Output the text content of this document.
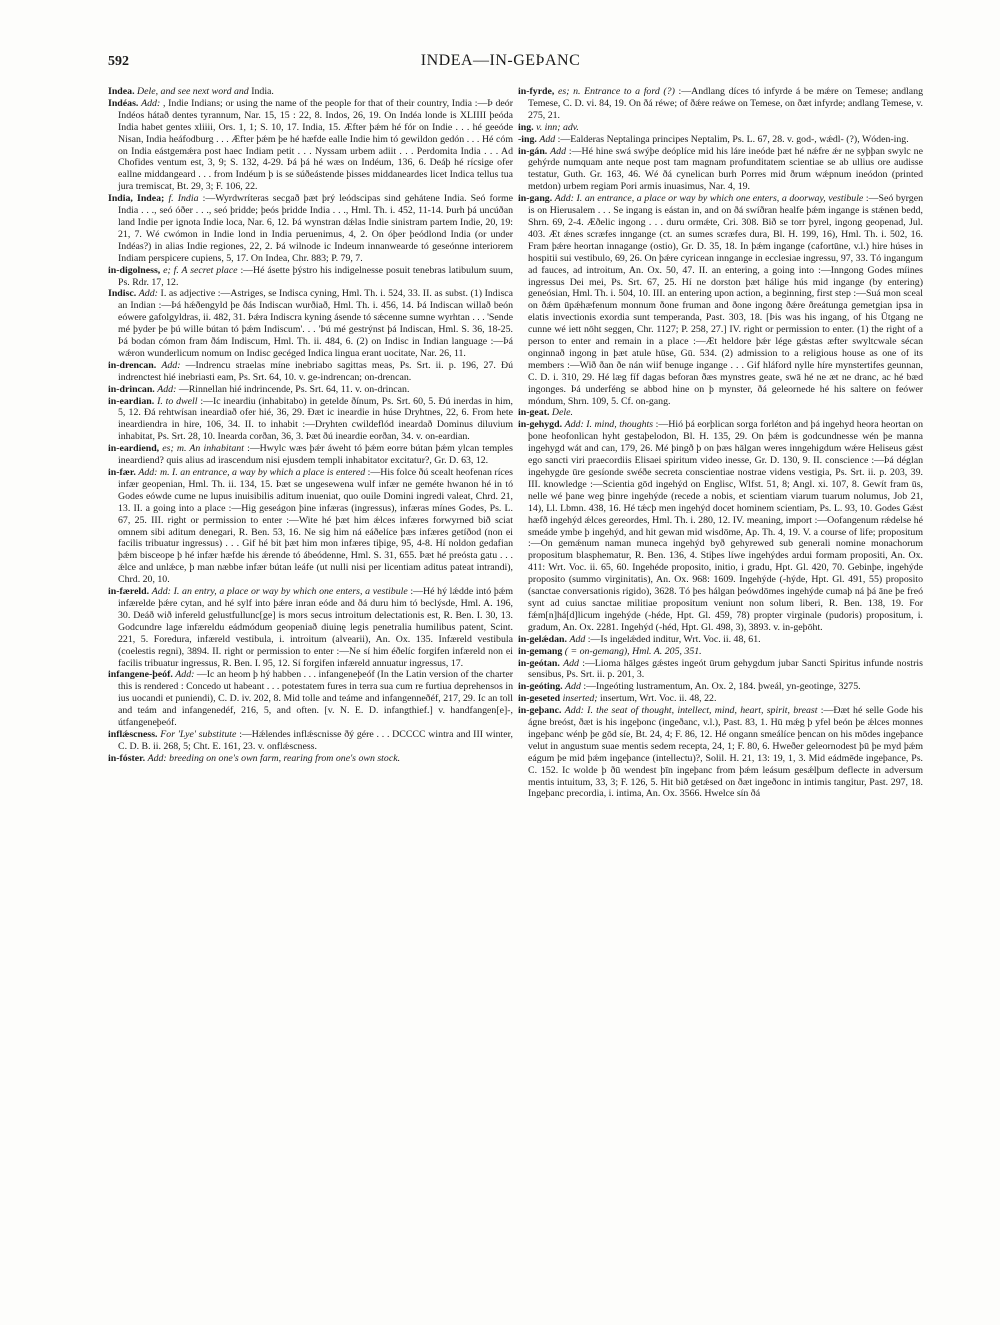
592	INDEA—IN-GEÞANC

Indea. Dele, and see next word and India.

Indéas. Add: , Indie Indians; or using the name of the people for that of their country, India :—Þ deór Indéos hátað dentes tyrannum, Nar. 15, 15 : 22, 8. Indos, 26, 19. On Indéa londe is XLIIII þeóda India habet gentes xliiii, Ors. 1, 1; S. 10, 17. India, 15. Æfter þǽm hé fór on Indie . . . hé geeóde Nisan, India heáfodburg . . . Æfter þǽm þe hé hæfde ealle Indie him tó gewildon gedón . . . Hé cóm on India eástgemǽra post haec Indiam petit . . . Nyssam urbem adiit . . . Perdomita India . . . Ad Chofides ventum est, 3, 9; S. 132, 4-29. Þá þá hé wæs on Indéum, 136, 6. Deáþ hé rícsige ofer eallne middangeard . . . from Indéum þ is se súðeástende þisses middaneardes licet Indica tellus tua jura tremiscat, Bt. 29, 3; F. 106, 22.

India, Indea; f. India :—Wyrdwríteras secgað þæt þrý leódscipas sind gehátene India. Seó forme India . . ., seó óðer . . ., seó þridde; þeós þridde India . . ., Hml. Th. i. 452, 11-14. Þurh þá uncúðan land Indie per ignota Indie loca, Nar. 6, 12. Þá wynstran dǽlas Indie sinistram partem Indie, 20, 19: 21, 7. Wé cwómon in Indie lond in India peruenimus, 4, 2. On óþer þeódlond India (or under Indéas?) in alias Indie regiones, 22, 2. Þá wilnode ic Indeum innanwearde tó geseónne interiorem Indiam perspicere cupiens, 5, 17. On Indea, Chr. 883; P. 79, 7.

in-digolness, e; f. A secret place :—Hé ásette þýstro his indigelnesse posuit tenebras latibulum suum, Ps. Rdr. 17, 12.

Indisc. Add: I. as adjective :—Astriges, se Indisca cyning, Hml. Th. i. 524, 33. II. as subst. (1) Indisca an Indian :—Þá hǽðengyld þe ðás Indiscan wurðiað, Hml. Th. i. 456, 14. Þá Indiscan willað beón eówere gafolgyldras, ii. 482, 31. Þǽra Indiscra kyning ásende tó sǽcenne sumne wyrhtan . . . 'Sende mé þyder þe þú wille bútan tó þǽm Indiscum'. . . 'Þú mé gestrýnst þá Indiscan, Hml. S. 36, 18-25. Þá bodan cómon fram ðám Indiscum, Hml. Th. ii. 484, 6. (2) on Indisc in Indian language :—Þá wǽron wunderlicum nomum on Indisc gecéged Indica lingua erant uocitate, Nar. 26, 11.

in-drencan. Add: —Indrencu straelas míne inebriabo sagittas meas, Ps. Srt. ii. p. 196, 27. Ðú indrenctest hié inebriasti eam, Ps. Srt. 64, 10. v. ge-indrencan; on-drencan.

in-drincan. Add: —Rinnellan hié indrincende, Ps. Srt. 64, 11. v. on-drincan.

in-eardian. I. to dwell :—Ic ineardiu (inhabitabo) in getelde ðínum, Ps. Srt. 60, 5. Ðú inerdas in him, 5, 12. Ðá rehtwísan ineardiað ofer hié, 36, 29. Ðæt ic ineardie in húse Dryhtnes, 22, 6. From hete ineardiendra in hire, 106, 34. II. to inhabit :—Dryhten cwildeflód ineardað Dominus diluvium inhabitat, Ps. Srt. 28, 10. Inearda corðan, 36, 3. Þæt ðú ineardie eorðan, 34. v. on-eardian.

in-eardiend, es; m. An inhabitant :—Hwylc wæs þǽr áweht tó þǽm eorre bútan þǽm ylcan temples ineardiend? quis alius ad irascendum nisi ejusdem templi inhabitator excitatur?, Gr. D. 63, 12.

in-fær. Add: m. I. an entrance, a way by which a place is entered :—His folce ðú scealt heofenan ríces infær geopenian, Hml. Th. ii. 134, 15. Þæt se ungesewena wulf infær ne geméte hwanon hé in tó Godes eówde cume ne lupus inuisibilis aditum inueniat, quo ouile Domini ingredi valeat, Chrd. 21, 13. II. a going into a place :—Hig geseágon þine infæras (ingressus), infæras mínes Godes, Ps. L. 67, 25. III. right or permission to enter :—Wite hé þæt him ǽlces infæres forwyrned bið sciat omnem sibi aditum denegari, R. Ben. 53, 16. Ne sig him ná eáðelíce þæs infæres getíðod (non ei facilis tribuatur ingressus) . . . Gif hé bit þæt him mon infæres tiþige, 95, 4-8. Hí noldon gedafian þǽm bisceope þ hé infær hæfde his ǽrende tó ábeódenne, Hml. S. 31, 655. Þæt hé preósta gatu . . . ǽlce and unlǽce, þ man næbbe infær bútan leáfe (ut nulli nisi per licentiam aditus pateat intrandi), Chrd. 20, 10.

in-færeld. Add: I. an entry, a place or way by which one enters, a vestibule :—Hé hý lǽdde intó þǽm infærelde þǽre cytan, and hé sylf into þǽre inran eóde and ðá duru him tó beclýsde, Hml. A. 196, 30. Deáð wið infereld gelustfullunc[ge] is mors secus introitum delectationis est, R. Ben. I. 30, 13. Godcundre lage infæreldu eádmódum geopeniað diuinę legis penetralia humilibus patent, Scint. 221, 5. Foredura, infæreld vestibula, i. introitum (alvearii), An. Ox. 135. Infæreld vestibula (coelestis regni), 3894. II. right or permission to enter :—Ne sí him éðelíc forgifen infæreld non ei facilis tribuatur ingressus, R. Ben. I. 95, 12. Sí forgifen infæreld annuatur ingressus, 17.

infangene-þeóf. Add: —Ic an heom þ hý habben . . . infangeneþeóf (In the Latin version of the charter this is rendered : Concedo ut habeant . . . potestatem fures in terra sua cum re furtiua deprehensos in ius uocandi et puniendi), C. D. iv. 202, 8. Mid tolle and teáme and infangenneðéf, 217, 29. Ic an toll and teám and infangenedéf, 216, 5, and often. [v. N. E. D. infangthief.] v. handfangen[e]-, útfangeneþeóf.

inflǽscness. For 'Lye' substitute :—Hǽlendes inflǽscnisse ðý gére . . . DCCCC wintra and III winter, C. D. B. ii. 268, 5; Cht. E. 161, 23. v. onflǽscness.

in-fóster. Add: breeding on one's own farm, rearing from one's own stock.

in-fyrde, es; n. Entrance to a ford (?) :—Andlang díces tó infyrde á be mǽre on Temese; andlang Temese, C. D. vi. 84, 19. On ðá réwe; of ðǽre reáwe on Temese, on ðæt infyrde; andlang Temese, v. 275, 21.

ing. v. inn; adv.

-ing. Add :—Ealderas Neptalinga principes Neptalim, Ps. L. 67, 28. v. god-, wǽdl- (?), Wóden-ing.

in-gán. Add :—Hé hine swá swýþe deóplíce mid his láre ineóde þæt hé nǽfre ǽr ne syþþan swylc ne gehýrde numquam ante neque post tam magnam profunditatem scientiae se ab ullius ore audisse testatur, Guth. Gr. 163, 46. Wé ðá cynelican burh Porres mid ðrum wǽpnum ineódon (printed metdon) urbem regiam Pori armis inuasimus, Nar. 4, 19.

in-gang. Add: I. an entrance, a place or way by which one enters, a doorway, vestibule :—Seó byrgen is on Hierusalem . . . Se ingang is eástan in, and on ðá swíðran healfe þǽm ingange is stǽnen bedd, Shrn. 69, 2-4. Æðelic ingong . . . duru ormǽte, Cri. 308. Bið se torr þyrel, ingong geopenad, Jul. 403. Æt ǽnes scræfes inngange (ct. an sumes scræfes dura, Bl. H. 199, 16), Hml. Th. i. 502, 16. Fram þǽre heortan innagange (ostio), Gr. D. 35, 18. In þǽm ingange (cafortūne, v.l.) hire húses in hospitii sui vestibulo, 69, 26. On þǽre cyricean inngange in ecclesiae ingressu, 97, 33. Tó ingangum ad fauces, ad introitum, An. Ox. 50, 47. II. an entering, a going into :—Inngong Godes míines ingressus Dei mei, Ps. Srt. 67, 25. Hí ne dorston þæt hálige hús mid ingange (by entering) geneósian, Hml. Th. i. 504, 10. III. an entering upon action, a beginning, first step :—Suá mon sceal on ðǽm ūpǽhæfenum monnum ðone fruman and ðone ingong ðǽre ðreátunga gemetgian ipsa in elatis invectionis exordia sunt temperanda, Past. 303, 18. [Þis was his ingang, of his Ūtgang ne cunne wé iett nōht seggen, Chr. 1127; P. 258, 27.] IV. right or permission to enter. (1) the right of a person to enter and remain in a place :—Æt heldore þǽr lége gǽstas æfter swyltcwale sécan onginnað ingong in þæt atule hūse, Gū. 534. (2) admission to a religious house as one of its members :—Wið ðan ðe nán wiif benuge ingange . . . Gif hláford nylle híre mynstertifes geunnan, C. D. i. 310, 29. Hé læg fíf dagas beforan ðæs mynstres geate, swā hé ne æt ne dranc, ac hé bæd ingonges. Þá underféng se abbod hine on þ mynster, ðá geleornede hé his saltere on feówer móndum, Shrn. 109, 5. Cf. on-gang.

in-geat. Dele.

in-gehygd. Add: I. mind, thoughts :—Hió þá eorþlican sorga forléton and þá ingehyd heora heortan on þone heofonlican hyht gestaþelodon, Bl. H. 135, 29. On þǽm is godcundnesse wén þe manna ingehygd wát and can, 179, 26. Mé þingð þ on þæs hālgan weres inngehigdum wǽre Heliseus gǽst ego sancti viri praecordiis Elisaei spiritum video inesse, Gr. D. 130, 9. II. conscience :—Þá déglan ingehygde ūre gesíonde swéðe secreta conscientiae nostrae videns vestigia, Ps. Srt. ii. p. 203, 39. III. knowledge :—Scientia gōd ingehýd on Englisc, Wlfst. 51, 8; Angl. xi. 107, 8. Gewít fram ūs, nelle wé þane weg þinre ingehýde (recede a nobis, et scientiam viarum tuarum nolumus, Job 21, 14), Ll. Lbmn. 438, 16. Hé tǽcþ men ingehýd docet hominem scientiam, Ps. L. 93, 10. Godes Gǽst hæfð ingehýd ǽlces gereordes, Hml. Th. i. 280, 12. IV. meaning, import :—Oofangenum rǽdelse hé smeáde ymbe þ ingehýd, and hit gewan mid wisdōme, Ap. Th. 4, 19. V. a course of life; propositum :—On gemǽnum naman muneca ingehýd byð gehyrewed sub generali nomine monachorum propositum blasphematur, R. Ben. 136, 4. Stiþes líwe ingehýdes ardui formam propositi, An. Ox. 411: Wrt. Voc. ii. 65, 60. Ingehéde proposito, initio, i gradu, Hpt. Gl. 420, 70. Gebinþe, ingehýde proposito (summo virginitatis), An. Ox. 968: 1609. Ingehýde (-hýde, Hpt. Gl. 491, 55) proposito (sanctae conversationis rigido), 3628. Tó þes hálgan þeówdōmes ingehýde cumaþ ná þá āne þe freó synt ad cuius sanctae militiae propositum veniunt non solum liberi, R. Ben. 138, 19. For fǽm[n]há[d]licum ingehýde (-héde, Hpt. Gl. 459, 78) propter virginale (pudoris) propositum, i. gradum, An. Ox. 2281. Ingehýd (-héd, Hpt. Gl. 498, 3), 3893. v. in-geþōht.

in-gelǽdan. Add :—Is ingelǽded inditur, Wrt. Voc. ii. 48, 61.

in-gemang ( = on-gemang), Hml. A. 205, 351.

in-geótan. Add :—Lioma hālges gǽstes ingeót ūrum gehygdum jubar Sancti Spiritus infunde nostris sensibus, Ps. Srt. ii. p. 201, 3.

in-geóting. Add :—Ingeóting lustramentum, An. Ox. 2, 184. þweál, yn-geotinge, 3275.

in-geseted inserted; insertum, Wrt. Voc. ii. 48, 22.

in-geþanc. Add: I. the seat of thought, intellect, mind, heart, spirit, breast :—Ðæt hé selle Gode his ágne breóst, ðæt is his ingeþonc (ingeðanc, v.l.), Past. 83, 1. Hū mǽg þ yfel beón þe ǽlces monnes ingeþanc wénþ þe gōd síe, Bt. 24, 4; F. 86, 12. Hé ongann smeálíce þencan on his mōdes ingeþance velut in angustum suae mentis sedem recepta, 24, 1; F. 80, 6. Hweðer geleornodest þū þe myd þǽm eágum þe mid þǽm ingeþance (intellectu)?, Solil. H. 21, 13: 19, 1, 3. Mid eádmēde ingeþance, Ps. C. 152. Ic wolde þ ðū wendest þīn ingeþanc from þǽm leásum gesǽlþum deflecte in adversum mentis intuitum, 33, 3; F. 126, 5. Hit bið getǽsed on ðæt ingeðonc in intimis tangitur, Past. 297, 18. Ingeþanc precordia, i. intima, An. Ox. 3566. Hwelce sín ðá
